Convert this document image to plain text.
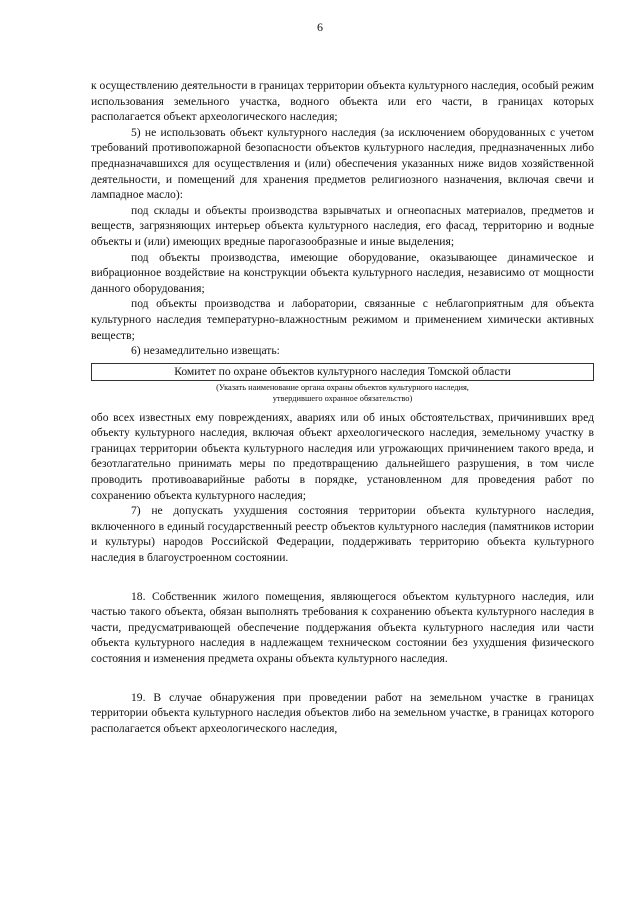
6

к осуществлению деятельности в границах территории объекта культурного наследия, особый режим использования земельного участка, водного объекта или его части, в границах которых располагается объект археологического наследия;

5) не использовать объект культурного наследия (за исключением оборудованных с учетом требований противопожарной безопасности объектов культурного наследия, предназначенных либо предназначавшихся для осуществления и (или) обеспечения указанных ниже видов хозяйственной деятельности, и помещений для хранения предметов религиозного назначения, включая свечи и лампадное масло):

под склады и объекты производства взрывчатых и огнеопасных материалов, предметов и веществ, загрязняющих интерьер объекта культурного наследия, его фасад, территорию и водные объекты и (или) имеющих вредные парогазообразные и иные выделения;

под объекты производства, имеющие оборудование, оказывающее динамическое и вибрационное воздействие на конструкции объекта культурного наследия, независимо от мощности данного оборудования;

под объекты производства и лаборатории, связанные с неблагоприятным для объекта культурного наследия температурно-влажностным режимом и применением химически активных веществ;

6) незамедлительно извещать:

Комитет по охране объектов культурного наследия Томской области
(Указать наименование органа охраны объектов культурного наследия,
утвердившего охранное обязательство)

обо всех известных ему повреждениях, авариях или об иных обстоятельствах, причинивших вред объекту культурного наследия, включая объект археологического наследия, земельному участку в границах территории объекта культурного наследия или угрожающих причинением такого вреда, и безотлагательно принимать меры по предотвращению дальнейшего разрушения, в том числе проводить противоаварийные работы в порядке, установленном для проведения работ по сохранению объекта культурного наследия;

7) не допускать ухудшения состояния территории объекта культурного наследия, включенного в единый государственный реестр объектов культурного наследия (памятников истории и культуры) народов Российской Федерации, поддерживать территорию объекта культурного наследия в благоустроенном состоянии.

18. Собственник жилого помещения, являющегося объектом культурного наследия, или частью такого объекта, обязан выполнять требования к сохранению объекта культурного наследия в части, предусматривающей обеспечение поддержания объекта культурного наследия или части объекта культурного наследия в надлежащем техническом состоянии без ухудшения физического состояния и изменения предмета охраны объекта культурного наследия.

19. В случае обнаружения при проведении работ на земельном участке в границах территории объекта культурного наследия объектов либо на земельном участке, в границах которого располагается объект археологического наследия,
